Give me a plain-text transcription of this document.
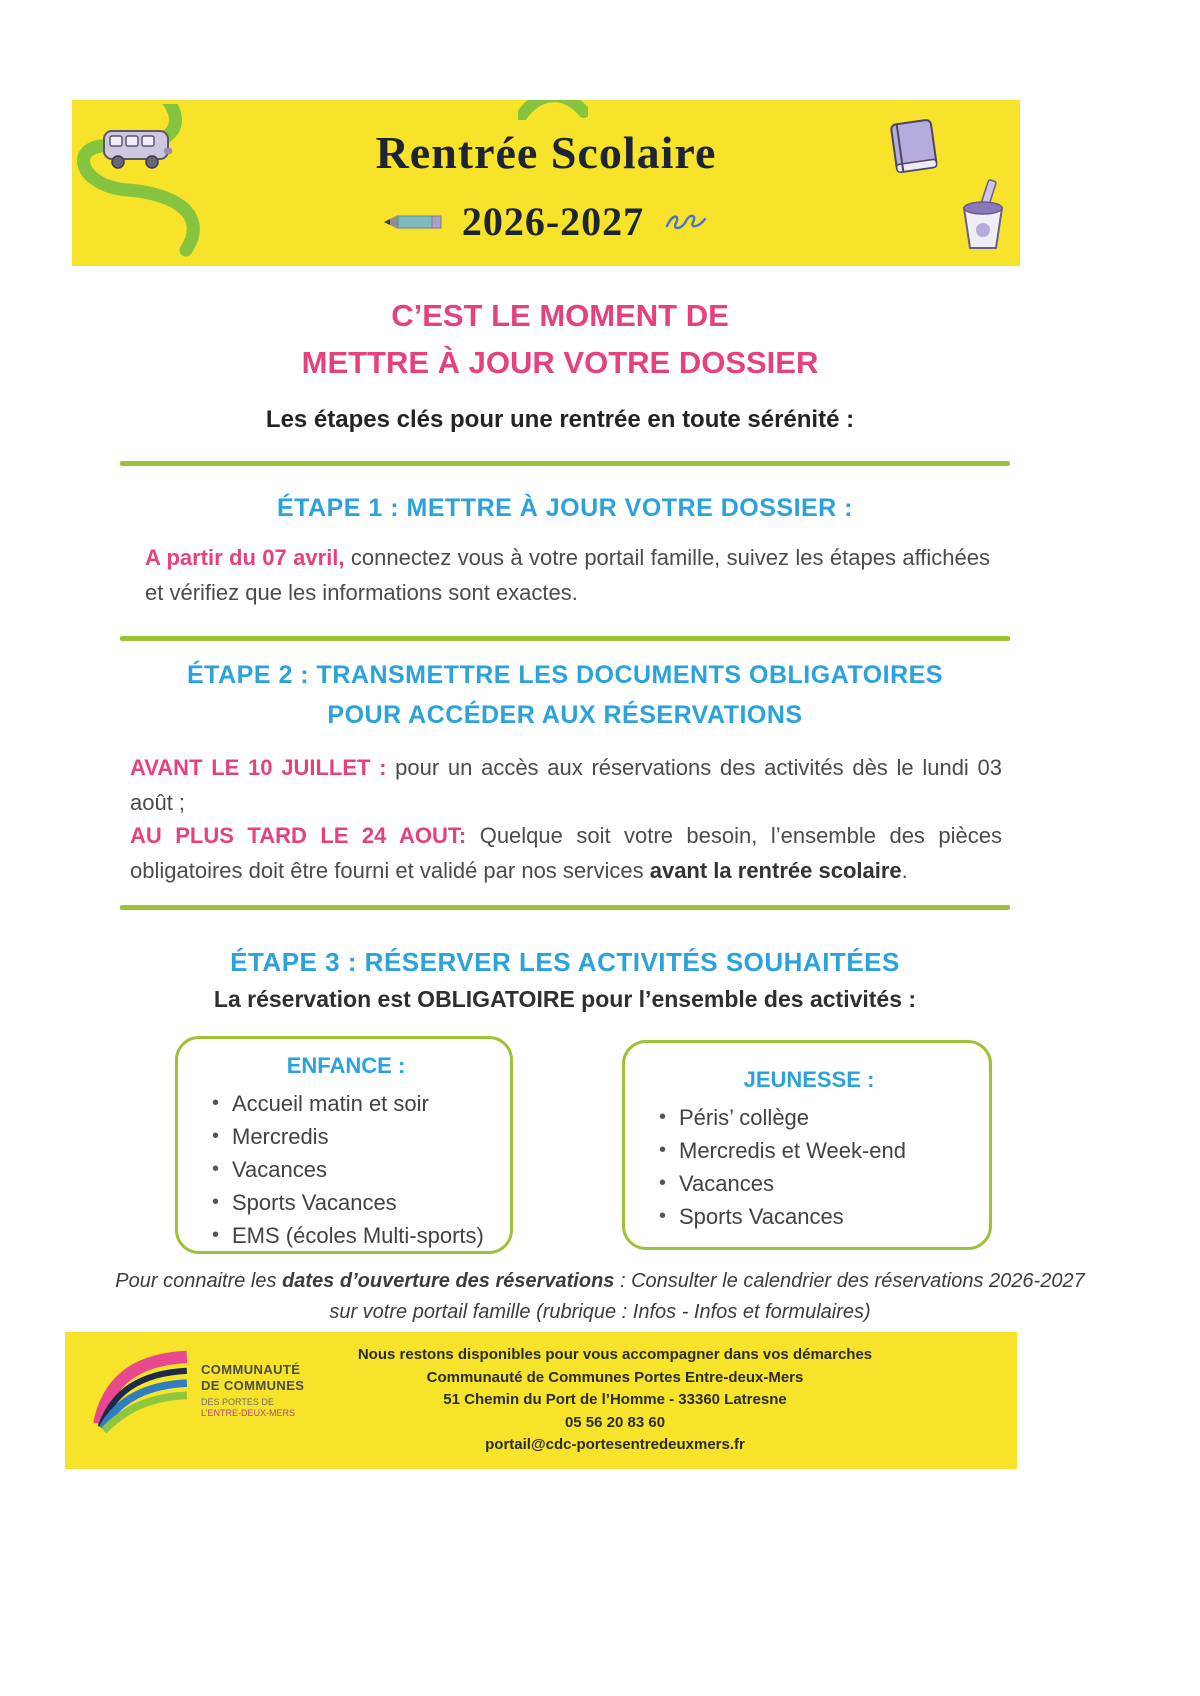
Rentrée Scolaire
2026-2027
C’EST LE MOMENT DE
METTRE À JOUR VOTRE DOSSIER
Les étapes clés pour une rentrée en toute sérénité :
ÉTAPE 1 : METTRE À JOUR VOTRE DOSSIER :
A partir du 07 avril, connectez vous à votre portail famille, suivez les étapes affichées et vérifiez que les informations sont exactes.
ÉTAPE 2 : TRANSMETTRE LES DOCUMENTS OBLIGATOIRES
POUR ACCÉDER AUX RÉSERVATIONS
AVANT LE 10 JUILLET : pour un accès aux réservations des activités dès le lundi 03 août ;
AU PLUS TARD LE 24 AOUT: Quelque soit votre besoin, l’ensemble des pièces obligatoires doit être fourni et validé par nos services avant la rentrée scolaire.
ÉTAPE 3 : RÉSERVER LES ACTIVITÉS SOUHAITÉES
La réservation est OBLIGATOIRE pour l’ensemble des activités :
ENFANCE :
• Accueil matin et soir
• Mercredis
• Vacances
• Sports Vacances
• EMS (écoles Multi-sports)
JEUNESSE :
• Péris’ collège
• Mercredis et Week-end
• Vacances
• Sports Vacances
Pour connaitre les dates d’ouverture des réservations : Consulter le calendrier des réservations 2026-2027
sur votre portail famille (rubrique : Infos - Infos et formulaires)
COMMUNAUTÉ
DE COMMUNES
DES PORTES DE
L’ENTRE-DEUX-MERS
Nous restons disponibles pour vous accompagner dans vos démarches
Communauté de Communes Portes Entre-deux-Mers
51 Chemin du Port de l’Homme - 33360 Latresne
05 56 20 83 60
portail@cdc-portesentredeuxmers.fr
